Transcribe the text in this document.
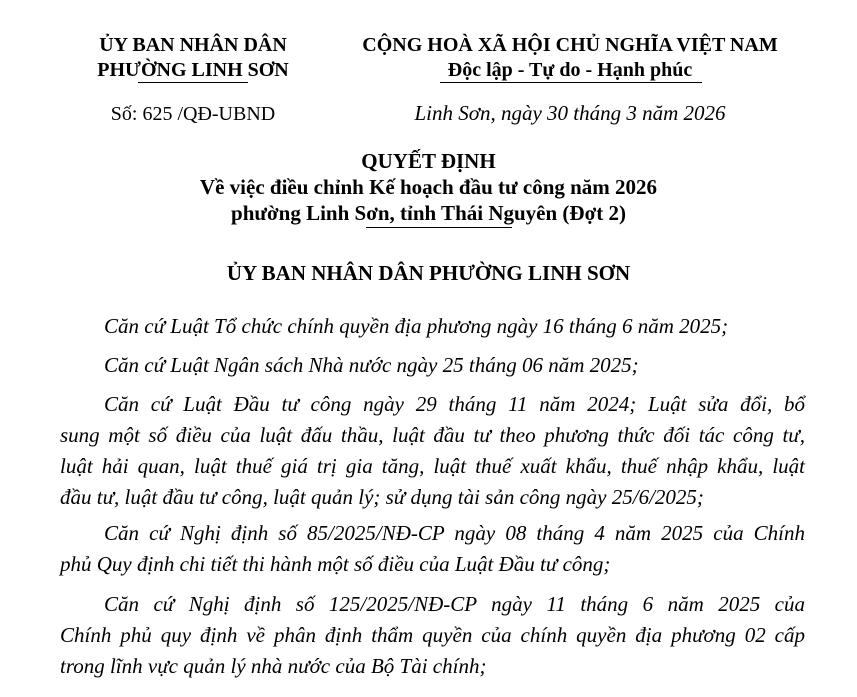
ỦY BAN NHÂN DÂN
PHƯỜNG LINH SƠN
CỘNG HOÀ XÃ HỘI CHỦ NGHĨA VIỆT NAM
Độc lập - Tự do - Hạnh phúc
Số: 625 /QĐ-UBND	Linh Sơn, ngày 30 tháng 3 năm 2026
QUYẾT ĐỊNH
Về việc điều chỉnh Kế hoạch đầu tư công năm 2026
phường Linh Sơn, tỉnh Thái Nguyên (Đợt 2)
ỦY BAN NHÂN DÂN PHƯỜNG LINH SƠN
Căn cứ Luật Tổ chức chính quyền địa phương ngày 16 tháng 6 năm 2025;
Căn cứ Luật Ngân sách Nhà nước ngày 25 tháng 06 năm 2025;
Căn cứ Luật Đầu tư công ngày 29 tháng 11 năm 2024; Luật sửa đổi, bổ
sung một số điều của luật đấu thầu, luật đầu tư theo phương thức đối tác công tư,
luật hải quan, luật thuế giá trị gia tăng, luật thuế xuất khẩu, thuế nhập khẩu, luật
đầu tư, luật đầu tư công, luật quản lý; sử dụng tài sản công ngày 25/6/2025;
Căn cứ Nghị định số 85/2025/NĐ-CP ngày 08 tháng 4 năm 2025 của Chính
phủ Quy định chi tiết thi hành một số điều của Luật Đầu tư công;
Căn cứ Nghị định số 125/2025/NĐ-CP ngày 11 tháng 6 năm 2025 của
Chính phủ quy định về phân định thẩm quyền của chính quyền địa phương 02 cấp
trong lĩnh vực quản lý nhà nước của Bộ Tài chính;
